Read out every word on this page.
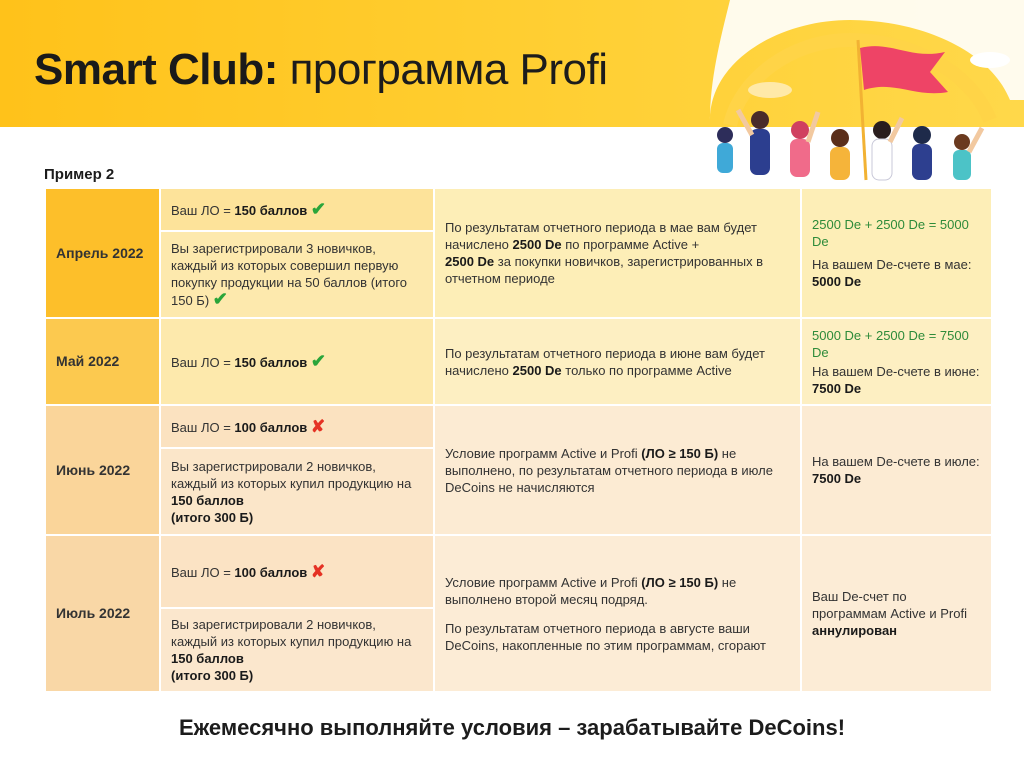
Smart Club: программа Profi
Пример 2
Апрель 2022	Ваш ЛО = 150 баллов ✔	По результатам отчетного периода в мае вам будет начислено 2500 De по программе Active +
2500 De за покупки новичков, зарегистрированных в отчетном периоде	2500 De + 2500 De = 5000 De
На вашем De-счете в мае: 5000 De
	Вы зарегистрировали 3 новичков, каждый из которых совершил первую покупку продукции на 50 баллов (итого 150 Б) ✔		
Май 2022	Ваш ЛО = 150 баллов ✔	По результатам отчетного периода в июне вам будет начислено 2500 De только по программе Active	5000 De + 2500 De = 7500 De
На вашем De-счете в июне: 7500 De
Июнь 2022	Ваш ЛО = 100 баллов ✘	Условие программ Active и Profi (ЛО ≥ 150 Б) не выполнено, по результатам отчетного периода в июле DeCoins не начисляются	На вашем De-счете в июле: 7500 De
	Вы зарегистрировали 2 новичков, каждый из которых купил продукцию на 150 баллов
(итого 300 Б)		
Июль 2022	Ваш ЛО = 100 баллов ✘	Условие программ Active и Profi (ЛО ≥ 150 Б) не выполнено второй месяц подряд.
По результатам отчетного периода в августе ваши DeCoins, накопленные по этим программам, сгорают	Ваш De-счет по программам Active и Profi
аннулирован
	Вы зарегистрировали 2 новичков, каждый из которых купил продукцию на 150 баллов
(итого 300 Б)		
Ежемесячно выполняйте условия – зарабатывайте DeCoins!
